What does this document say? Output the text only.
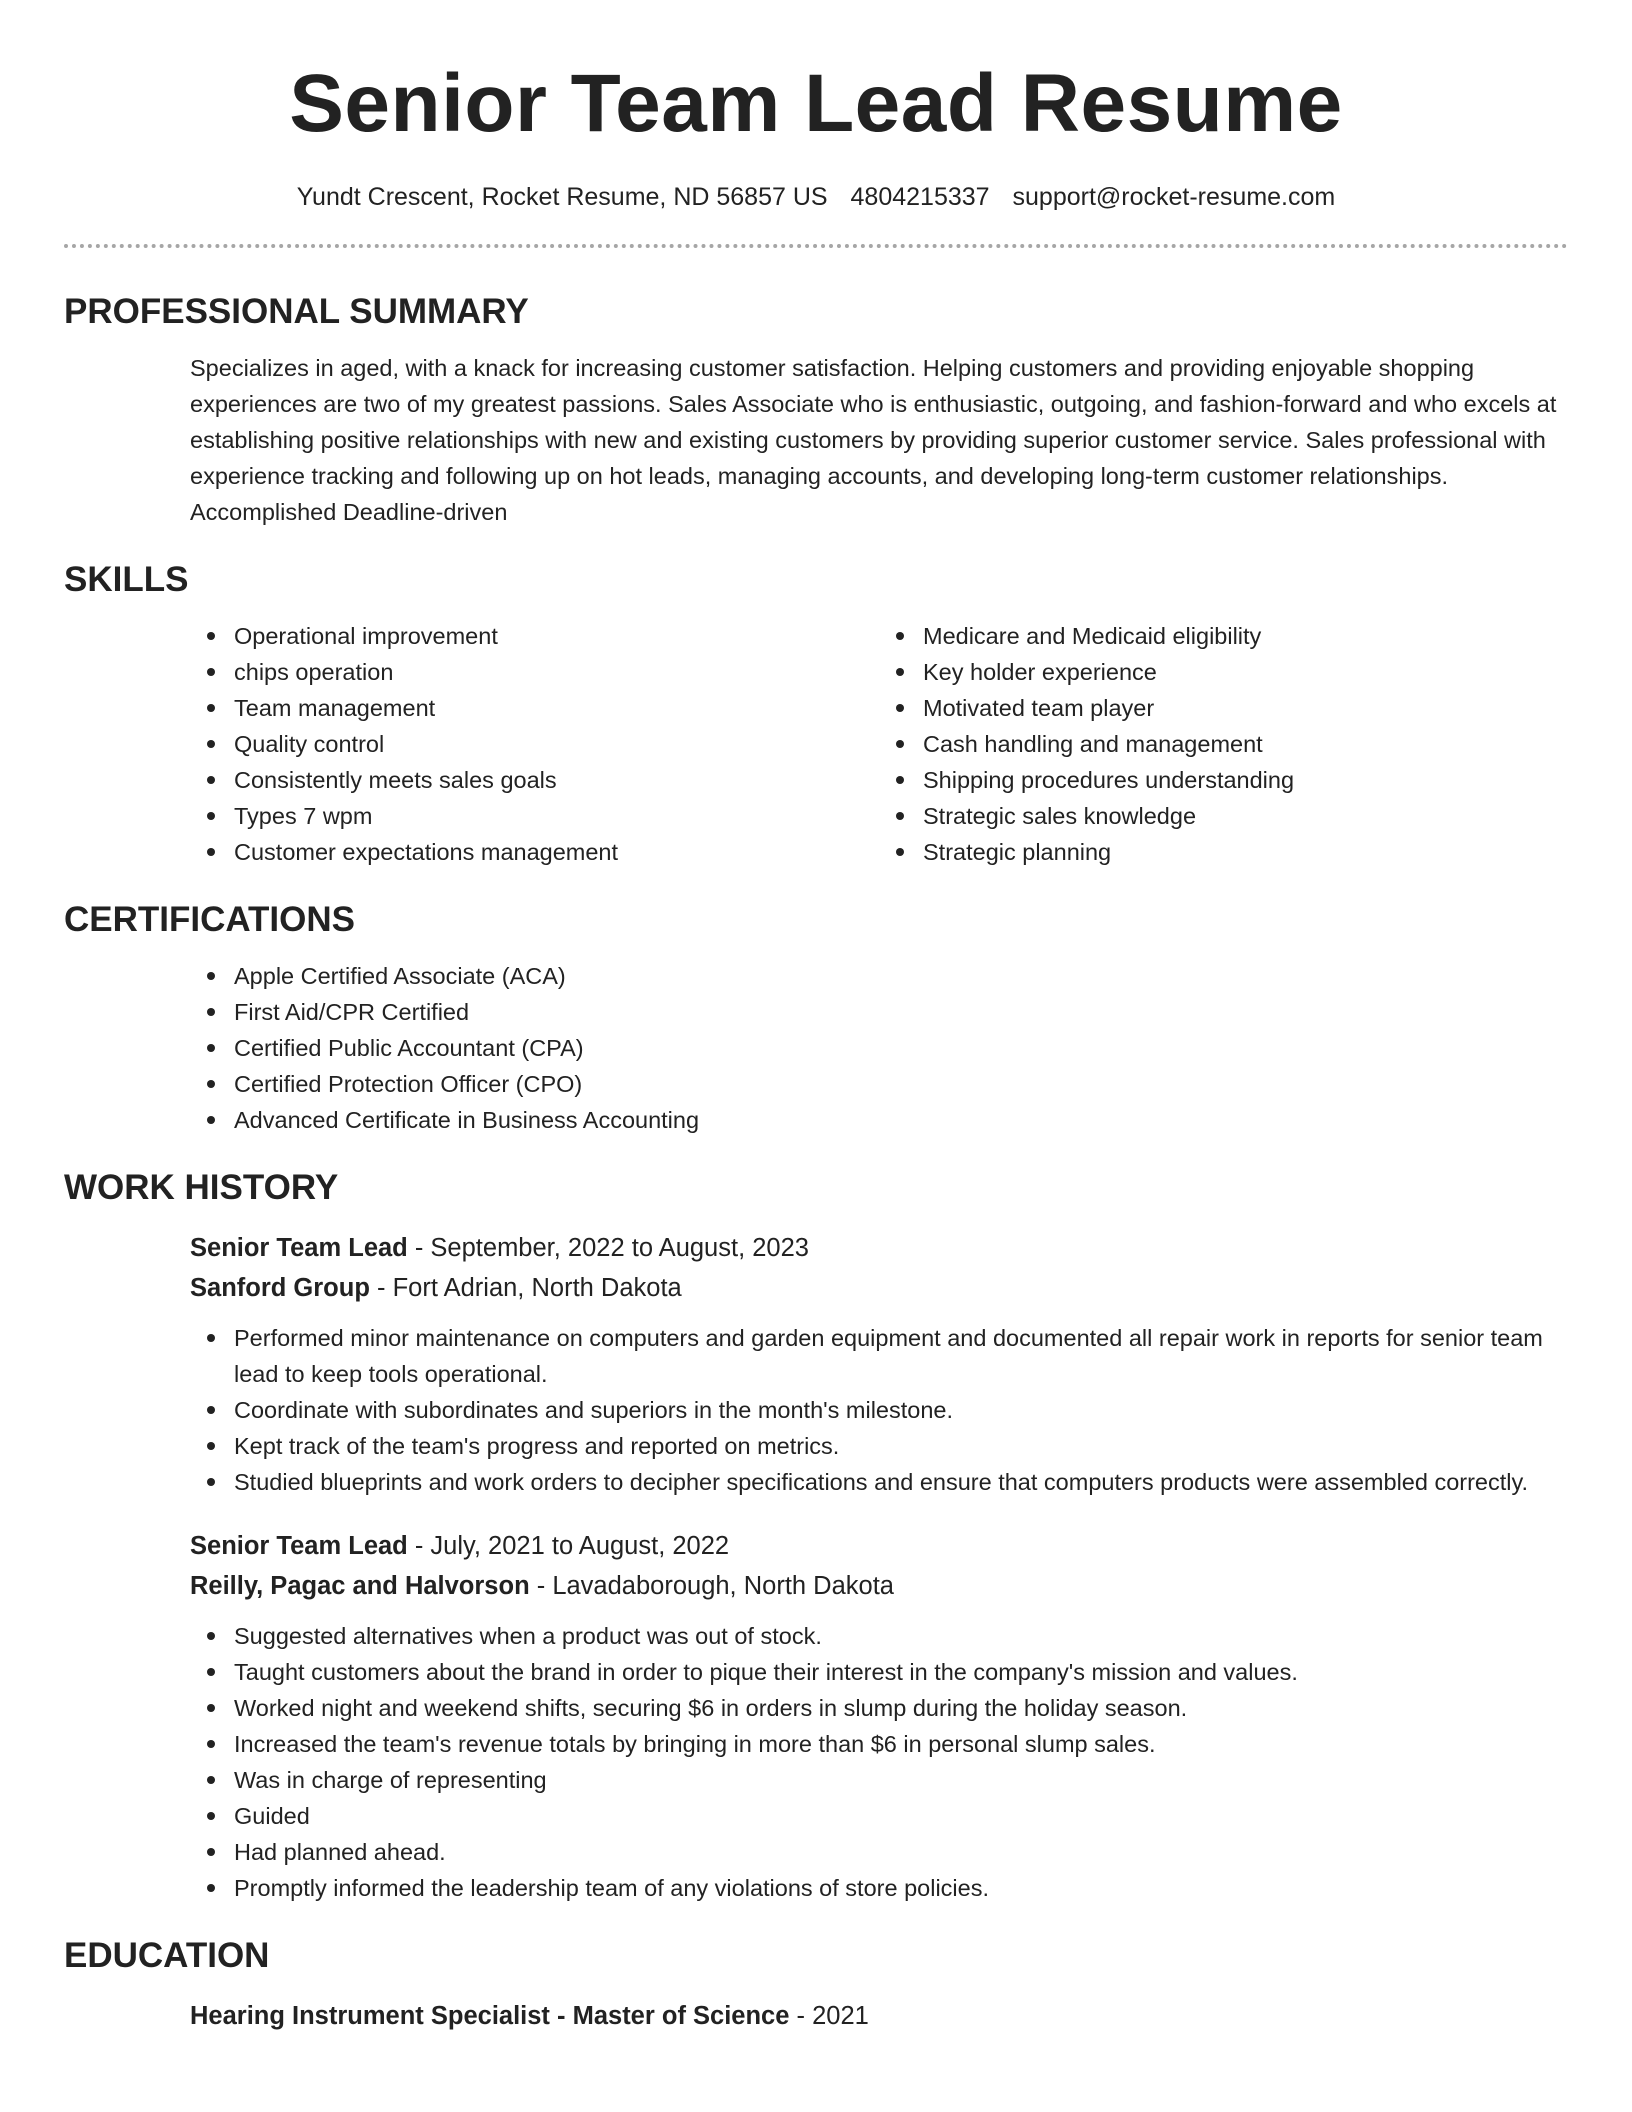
Senior Team Lead Resume
Yundt Crescent, Rocket Resume, ND 56857 US 4804215337 support@rocket-resume.com
PROFESSIONAL SUMMARY

Specializes in aged, with a knack for increasing customer satisfaction. Helping customers and providing enjoyable shopping experiences are two of my greatest passions. Sales Associate who is enthusiastic, outgoing, and fashion-forward and who excels at establishing positive relationships with new and existing customers by providing superior customer service. Sales professional with experience tracking and following up on hot leads, managing accounts, and developing long-term customer relationships. Accomplished Deadline-driven

SKILLS
Operational improvement
chips operation
Team management
Quality control
Consistently meets sales goals
Types 7 wpm
Customer expectations management
Medicare and Medicaid eligibility
Key holder experience
Motivated team player
Cash handling and management
Shipping procedures understanding
Strategic sales knowledge
Strategic planning
CERTIFICATIONS
Apple Certified Associate (ACA)
First Aid/CPR Certified
Certified Public Accountant (CPA)
Certified Protection Officer (CPO)
Advanced Certificate in Business Accounting
WORK HISTORY
Senior Team Lead - September, 2022 to August, 2023
Sanford Group - Fort Adrian, North Dakota
Performed minor maintenance on computers and garden equipment and documented all repair work in reports for senior team lead to keep tools operational.
Coordinate with subordinates and superiors in the month's milestone.
Kept track of the team's progress and reported on metrics.
Studied blueprints and work orders to decipher specifications and ensure that computers products were assembled correctly.
Senior Team Lead - July, 2021 to August, 2022
Reilly, Pagac and Halvorson - Lavadaborough, North Dakota
Suggested alternatives when a product was out of stock.
Taught customers about the brand in order to pique their interest in the company's mission and values.
Worked night and weekend shifts, securing $6 in orders in slump during the holiday season.
Increased the team's revenue totals by bringing in more than $6 in personal slump sales.
Was in charge of representing
Guided
Had planned ahead.
Promptly informed the leadership team of any violations of store policies.
EDUCATION
Hearing Instrument Specialist - Master of Science - 2021
